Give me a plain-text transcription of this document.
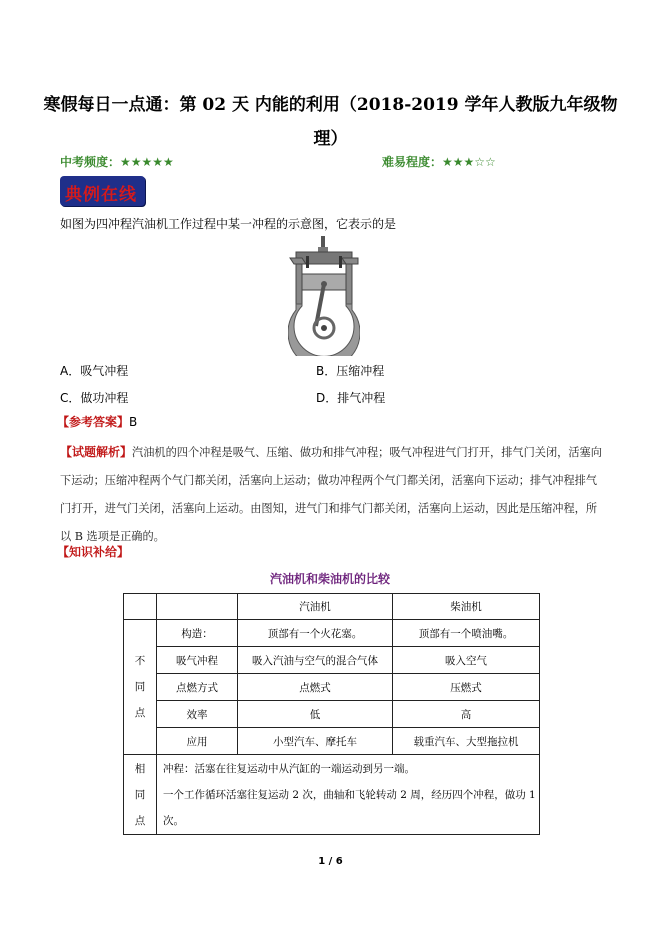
寒假每日一点通：第 02 天 内能的利用（2018-2019 学年人教版九年级物理）
中考频度：★★★★★	难易程度：★★★☆☆
典例在线
如图为四冲程汽油机工作过程中某一冲程的示意图，它表示的是
A．吸气冲程	B．压缩冲程
C．做功冲程	D．排气冲程
【参考答案】B
【试题解析】汽油机的四个冲程是吸气、压缩、做功和排气冲程；吸气冲程进气门打开，排气门关闭，活塞向下运动；压缩冲程两个气门都关闭，活塞向上运动；做功冲程两个气门都关闭，活塞向下运动；排气冲程排气门打开，进气门关闭，活塞向上运动。由图知，进气门和排气门都关闭，活塞向上运动，因此是压缩冲程，所以 B 选项是正确的。
【知识补给】
汽油机和柴油机的比较
		汽油机	柴油机

不同点	构造：	顶部有一个火花塞。	顶部有一个喷油嘴。
	吸气冲程	吸入汽油与空气的混合气体	吸入空气
	点燃方式	点燃式	压燃式
	效率	低	高
	应用	小型汽车、摩托车	载重汽车、大型拖拉机

相同点	冲程：活塞在往复运动中从汽缸的一端运动到另一端。
一个工作循环活塞往复运动 2 次，曲轴和飞轮转动 2 周，经历四个冲程，做功 1 次。		
1 / 6
